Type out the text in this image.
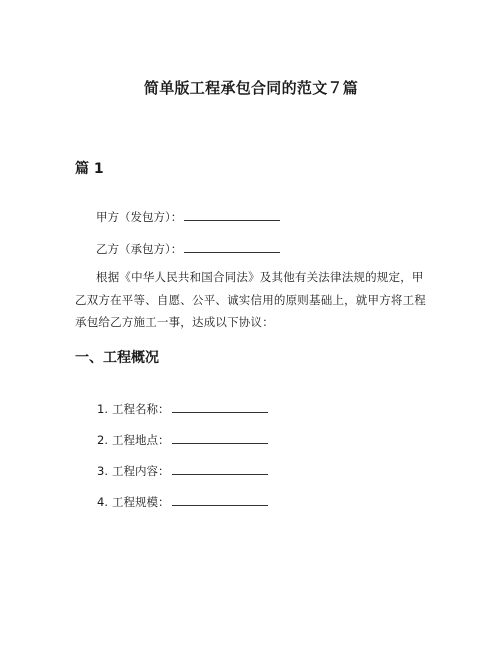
简单版工程承包合同的范文７篇
篇 1
甲方（发包方）：
乙方（承包方）：
根据《中华人民共和国合同法》及其他有关法律法规的规定，甲乙双方在平等、自愿、公平、诚实信用的原则基础上，就甲方将工程承包给乙方施工一事，达成以下协议：
一、工程概况
1. 工程名称：
2. 工程地点：
3. 工程内容：
4. 工程规模：
